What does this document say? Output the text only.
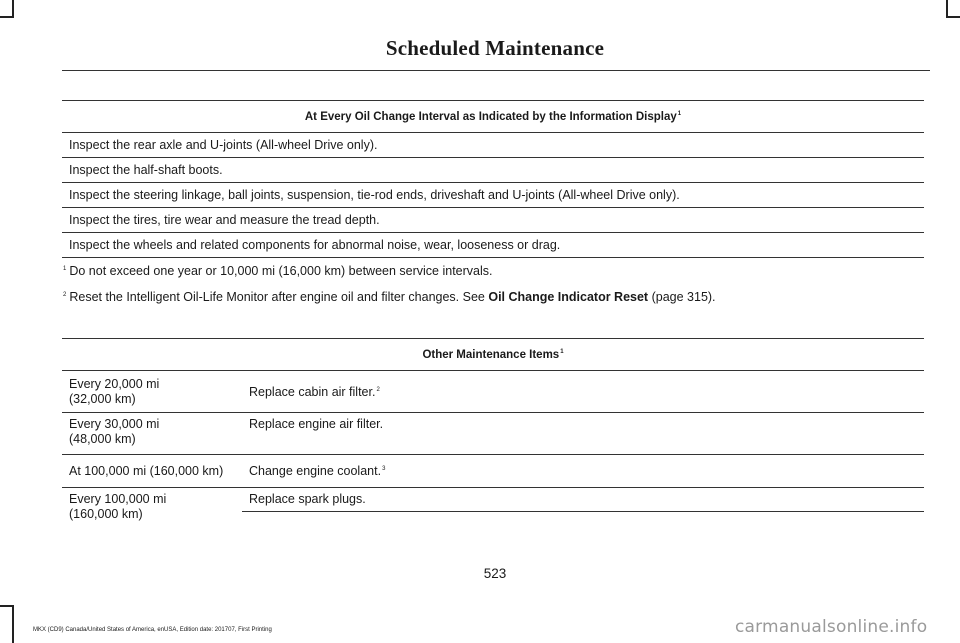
Scheduled Maintenance
At Every Oil Change Interval as Indicated by the Information Display$^1$
Inspect the rear axle and U-joints (All-wheel Drive only).
Inspect the half-shaft boots.
Inspect the steering linkage, ball joints, suspension, tie-rod ends, driveshaft and U-joints (All-wheel Drive only).
Inspect the tires, tire wear and measure the tread depth.
Inspect the wheels and related components for abnormal noise, wear, looseness or drag.
$^1$ Do not exceed one year or 10,000 mi (16,000 km) between service intervals.
$^2$ Reset the Intelligent Oil-Life Monitor after engine oil and filter changes. See Oil Change Indicator Reset (page 315).
Other Maintenance Items$^1$
Every 20,000 mi
(32,000 km)	Replace cabin air filter.$^2$
Every 30,000 mi
(48,000 km)	Replace engine air filter.
At 100,000 mi (160,000 km)	Change engine coolant.$^3$
Every 100,000 mi
(160,000 km)	Replace spark plugs.

523
MKX (CD9) Canada/United States of America, enUSA, Edition date: 201707, First Printing	carmanualsonline.info
